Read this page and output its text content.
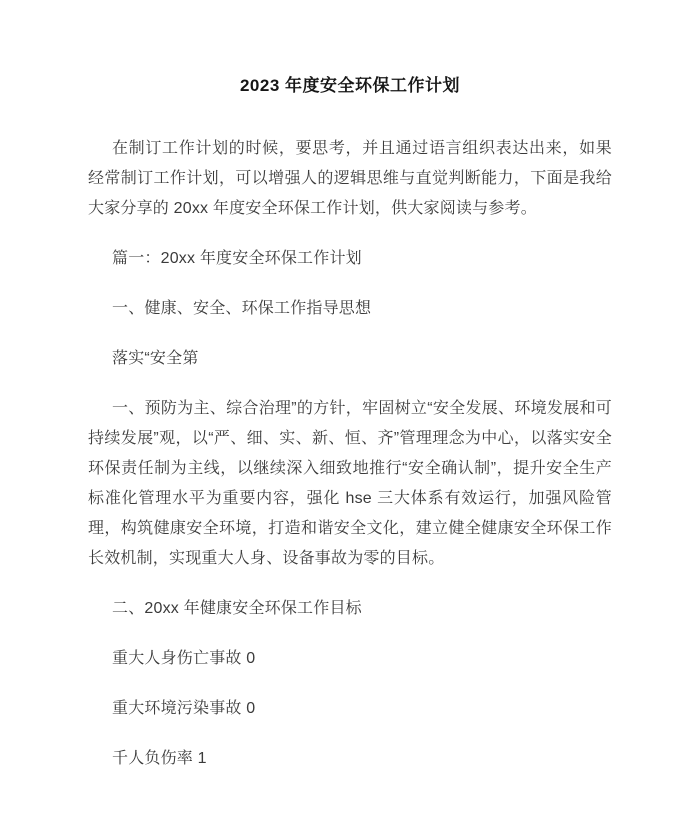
2023 年度安全环保工作计划

在制订工作计划的时候，要思考，并且通过语言组织表达出来，如果经常制订工作计划，可以增强人的逻辑思维与直觉判断能力，下面是我给大家分享的 20xx 年度安全环保工作计划，供大家阅读与参考。

篇一：20xx 年度安全环保工作计划

一、健康、安全、环保工作指导思想

落实“安全第

一、预防为主、综合治理”的方针，牢固树立“安全发展、环境发展和可持续发展”观，以“严、细、实、新、恒、齐”管理理念为中心，以落实安全环保责任制为主线，以继续深入细致地推行“安全确认制”，提升安全生产标准化管理水平为重要内容，强化 hse 三大体系有效运行，加强风险管理，构筑健康安全环境，打造和谐安全文化，建立健全健康安全环保工作长效机制，实现重大人身、设备事故为零的目标。

二、20xx 年健康安全环保工作目标

重大人身伤亡事故 0

重大环境污染事故 0

千人负伤率 1
